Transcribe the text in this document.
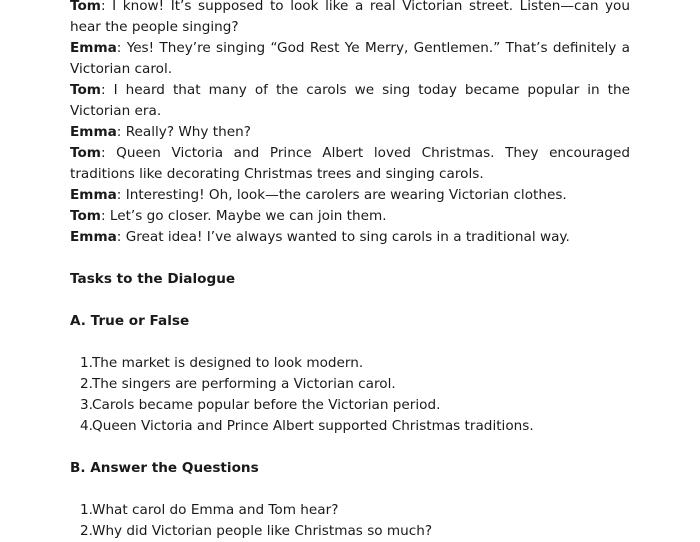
Tom: I know! It’s supposed to look like a real Victorian street. Listen—can you hear the people singing?

Emma: Yes! They’re singing “God Rest Ye Merry, Gentlemen.” That’s definitely a Victorian carol.

Tom: I heard that many of the carols we sing today became popular in the Victorian era.

Emma: Really? Why then?

Tom: Queen Victoria and Prince Albert loved Christmas. They encouraged traditions like decorating Christmas trees and singing carols.

Emma: Interesting! Oh, look—the carolers are wearing Victorian clothes.

Tom: Let’s go closer. Maybe we can join them.

Emma: Great idea! I’ve always wanted to sing carols in a traditional way.

Tasks to the Dialogue
A. True or False
1.The market is designed to look modern.
2.The singers are performing a Victorian carol.
3.Carols became popular before the Victorian period.
4.Queen Victoria and Prince Albert supported Christmas traditions.
B. Answer the Questions
1.What carol do Emma and Tom hear?
2.Why did Victorian people like Christmas so much?
